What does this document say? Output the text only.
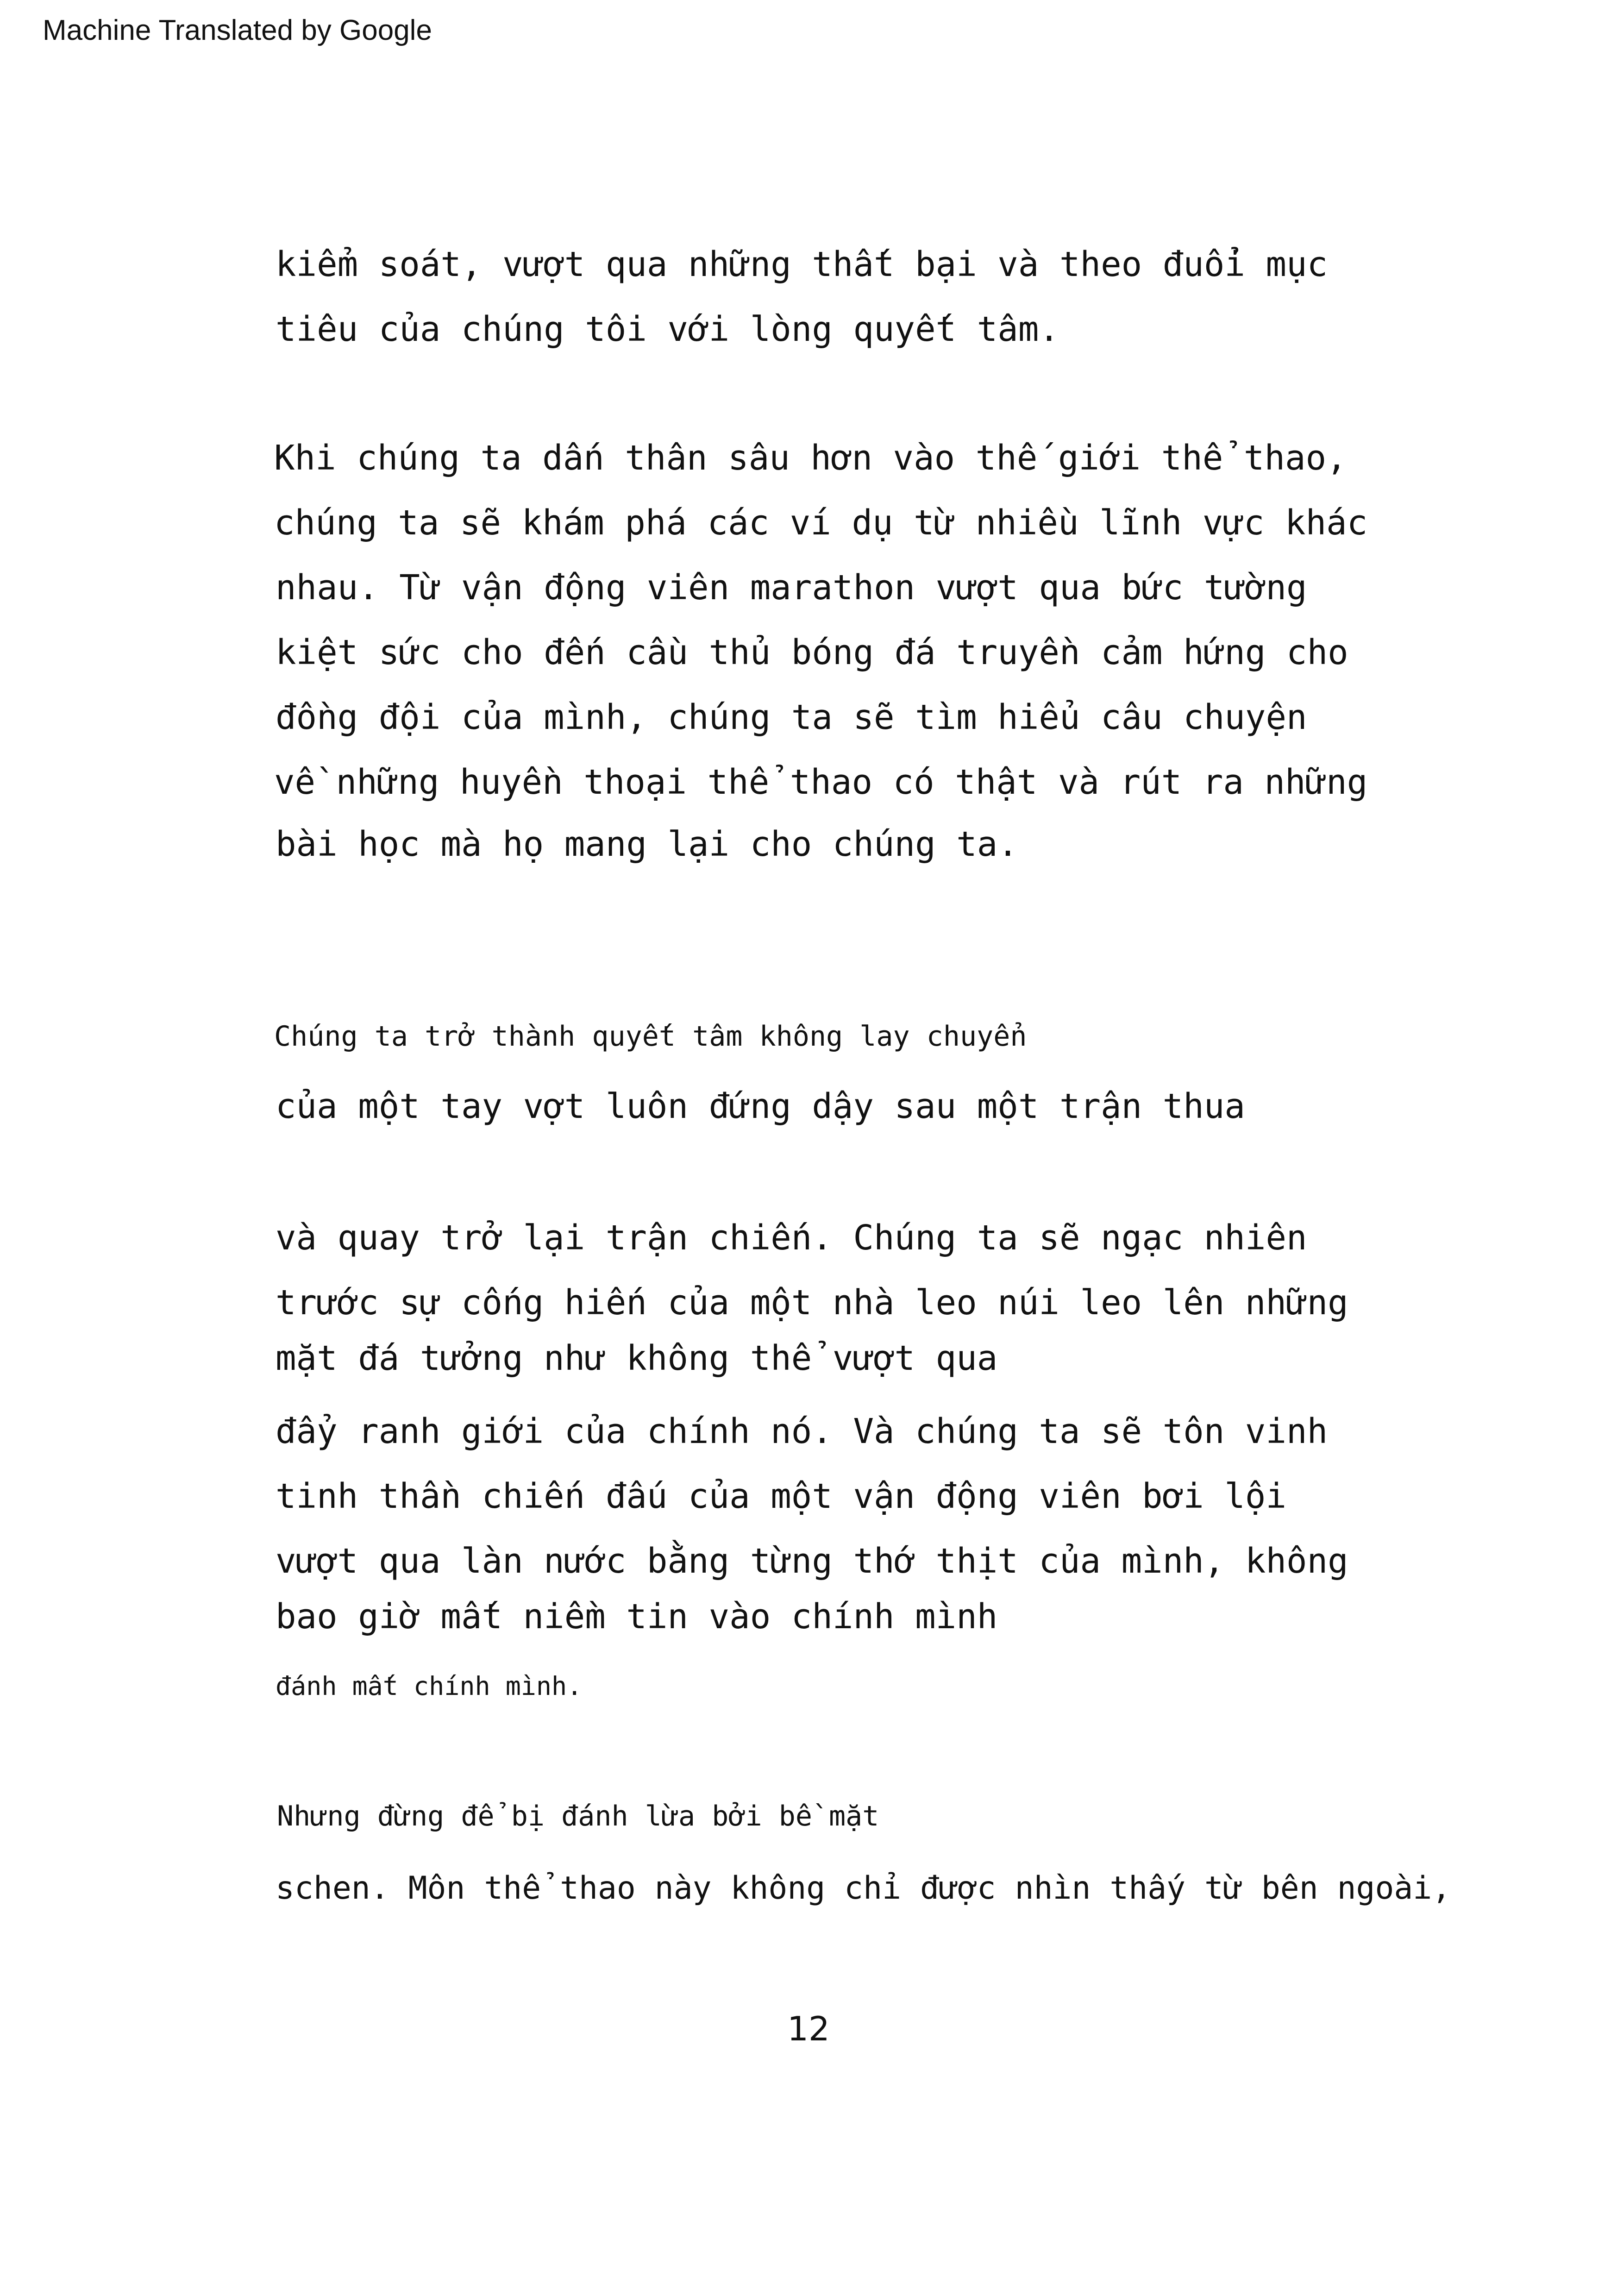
Machine Translated by Google
kiểm soát, vượt qua những thất bại và theo đuổi mục
tiêu của chúng tôi với lòng quyết tâm.
Khi chúng ta dấn thân sâu hơn vào thế giới thể thao,
chúng ta sẽ khám phá các ví dụ từ nhiều lĩnh vực khác
nhau. Từ vận động viên marathon vượt qua bức tường
kiệt sức cho đến cầu thủ bóng đá truyền cảm hứng cho
đồng đội của mình, chúng ta sẽ tìm hiểu câu chuyện
về những huyền thoại thể thao có thật và rút ra những
bài học mà họ mang lại cho chúng ta.
Chúng ta trở thành quyết tâm không lay chuyển
của một tay vợt luôn đứng dậy sau một trận thua
và quay trở lại trận chiến. Chúng ta sẽ ngạc nhiên
trước sự cống hiến của một nhà leo núi leo lên những
mặt đá tưởng như không thể vượt qua
đẩy ranh giới của chính nó. Và chúng ta sẽ tôn vinh
tinh thần chiến đấu của một vận động viên bơi lội
vượt qua làn nước bằng từng thớ thịt của mình, không
bao giờ mất niềm tin vào chính mình
đánh mất chính mình.
Nhưng đừng để bị đánh lừa bởi bề mặt
schen. Môn thể thao này không chỉ được nhìn thấy từ bên ngoài,
12
